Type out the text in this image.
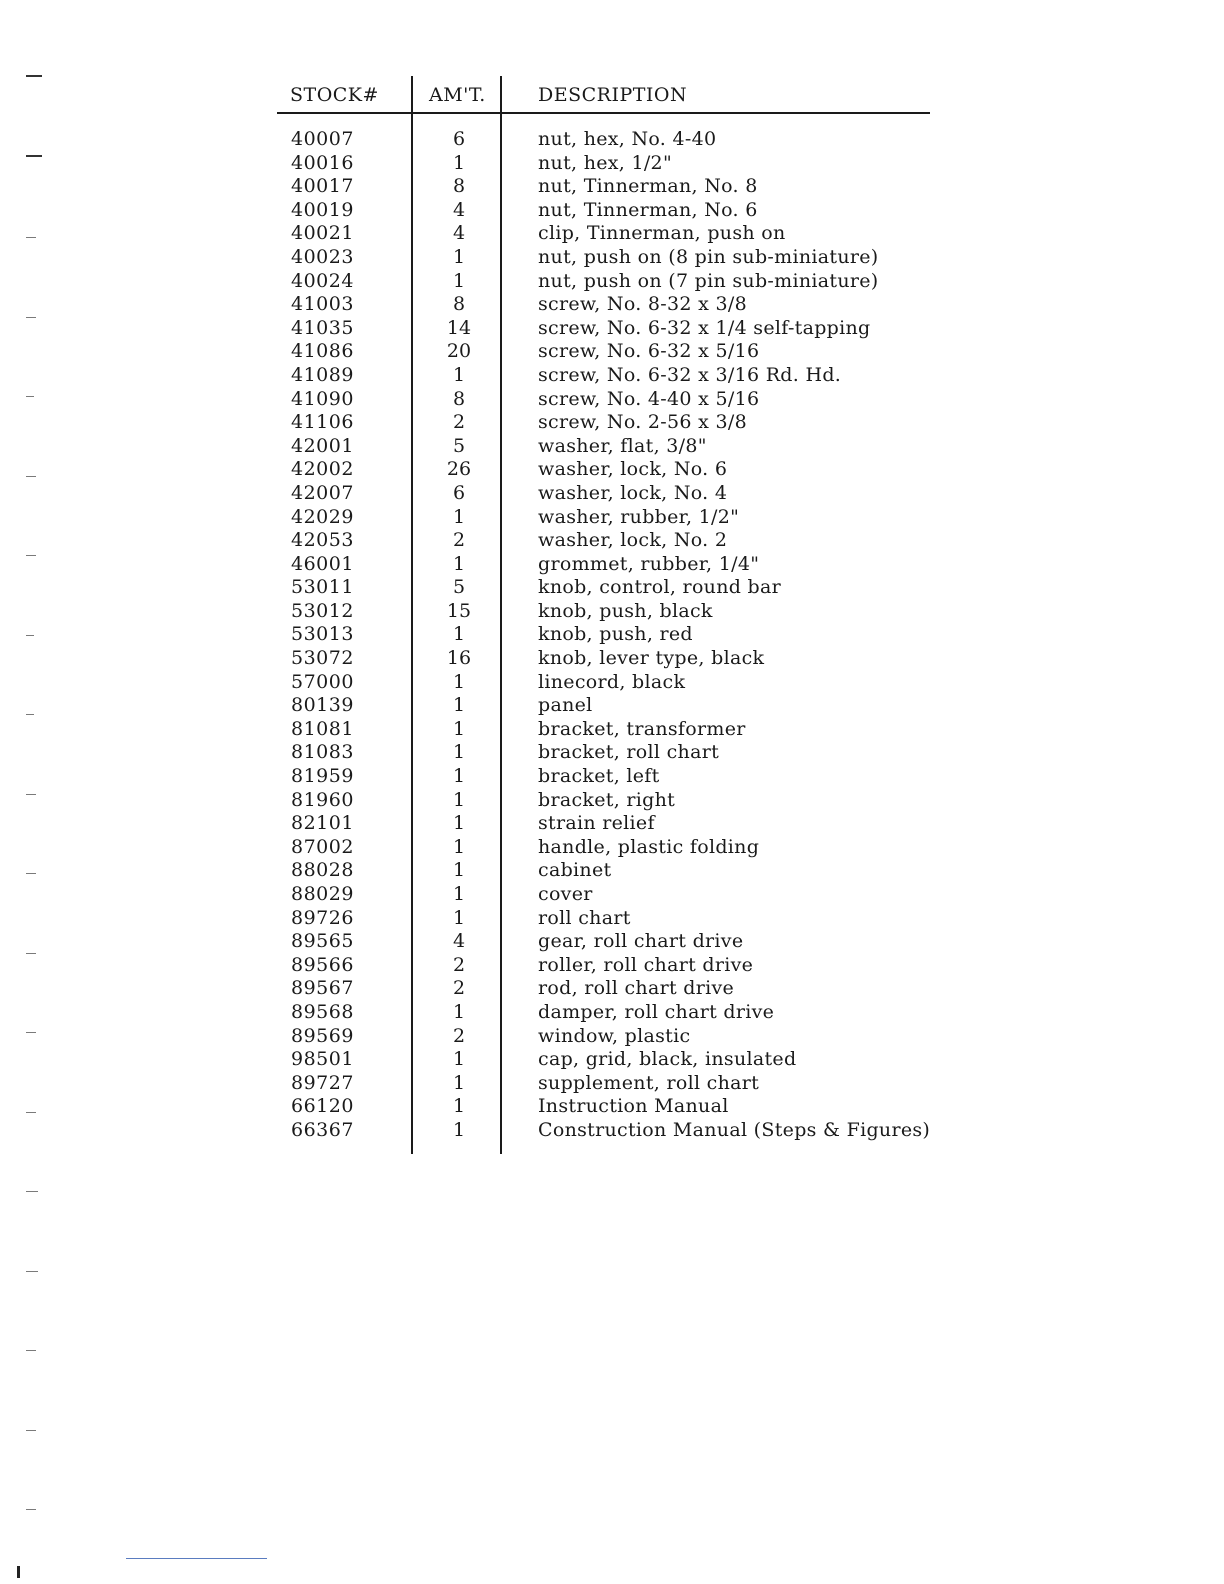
STOCK#	AM'T.	DESCRIPTION
40007	6	nut, hex, No. 4-40
40016	1	nut, hex, 1/2"
40017	8	nut, Tinnerman, No. 8
40019	4	nut, Tinnerman, No. 6
40021	4	clip, Tinnerman, push on
40023	1	nut, push on (8 pin sub-miniature)
40024	1	nut, push on (7 pin sub-miniature)
41003	8	screw, No. 8-32 x 3/8
41035	14	screw, No. 6-32 x 1/4 self-tapping
41086	20	screw, No. 6-32 x 5/16
41089	1	screw, No. 6-32 x 3/16 Rd. Hd.
41090	8	screw, No. 4-40 x 5/16
41106	2	screw, No. 2-56 x 3/8
42001	5	washer, flat, 3/8"
42002	26	washer, lock, No. 6
42007	6	washer, lock, No. 4
42029	1	washer, rubber, 1/2"
42053	2	washer, lock, No. 2
46001	1	grommet, rubber, 1/4"
53011	5	knob, control, round bar
53012	15	knob, push, black
53013	1	knob, push, red
53072	16	knob, lever type, black
57000	1	linecord, black
80139	1	panel
81081	1	bracket, transformer
81083	1	bracket, roll chart
81959	1	bracket, left
81960	1	bracket, right
82101	1	strain relief
87002	1	handle, plastic folding
88028	1	cabinet
88029	1	cover
89726	1	roll chart
89565	4	gear, roll chart drive
89566	2	roller, roll chart drive
89567	2	rod, roll chart drive
89568	1	damper, roll chart drive
89569	2	window, plastic
98501	1	cap, grid, black, insulated
89727	1	supplement, roll chart
66120	1	Instruction Manual
66367	1	Construction Manual (Steps & Figures)
